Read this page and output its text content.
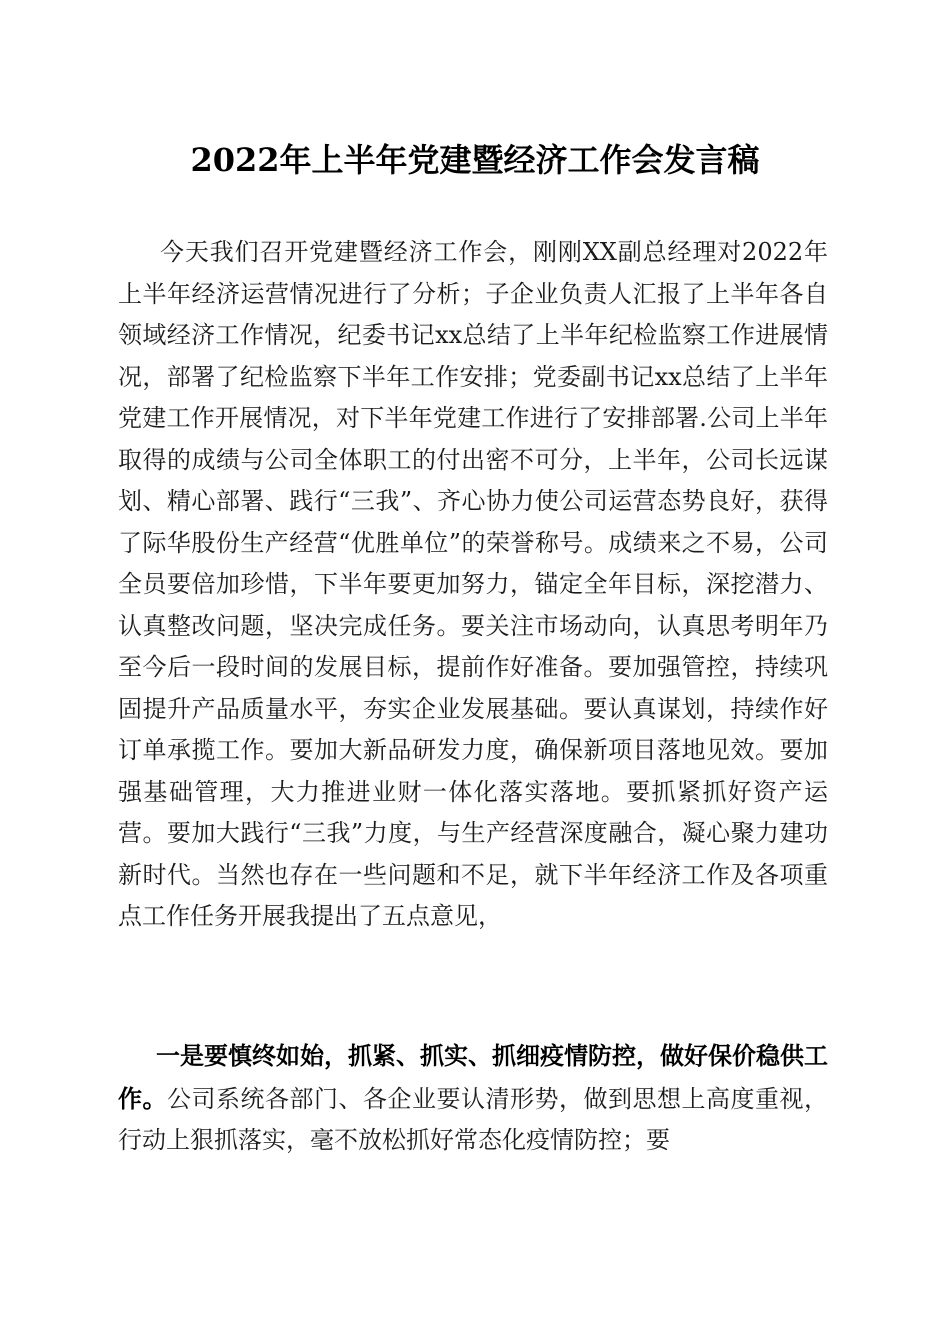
2022年上半年党建暨经济工作会发言稿

今天我们召开党建暨经济工作会，刚刚XX副总经理对2022年上半年经济运营情况进行了分析；子企业负责人汇报了上半年各自领域经济工作情况，纪委书记xx总结了上半年纪检监察工作进展情况，部署了纪检监察下半年工作安排；党委副书记xx总结了上半年党建工作开展情况，对下半年党建工作进行了安排部署.公司上半年取得的成绩与公司全体职工的付出密不可分，上半年，公司长远谋划、精心部署、践行“三我”、齐心协力使公司运营态势良好，获得了际华股份生产经营“优胜单位”的荣誉称号。成绩来之不易，公司全员要倍加珍惜，下半年要更加努力，锚定全年目标，深挖潜力、认真整改问题，坚决完成任务。要关注市场动向，认真思考明年乃至今后一段时间的发展目标，提前作好准备。要加强管控，持续巩固提升产品质量水平，夯实企业发展基础。要认真谋划，持续作好订单承揽工作。要加大新品研发力度，确保新项目落地见效。要加强基础管理，大力推进业财一体化落实落地。要抓紧抓好资产运营。要加大践行“三我”力度，与生产经营深度融合，凝心聚力建功新时代。当然也存在一些问题和不足，就下半年经济工作及各项重点工作任务开展我提出了五点意见，

一是要慎终如始，抓紧、抓实、抓细疫情防控，做好保价稳供工作。公司系统各部门、各企业要认清形势，做到思想上高度重视，行动上狠抓落实，毫不放松抓好常态化疫情防控；要
